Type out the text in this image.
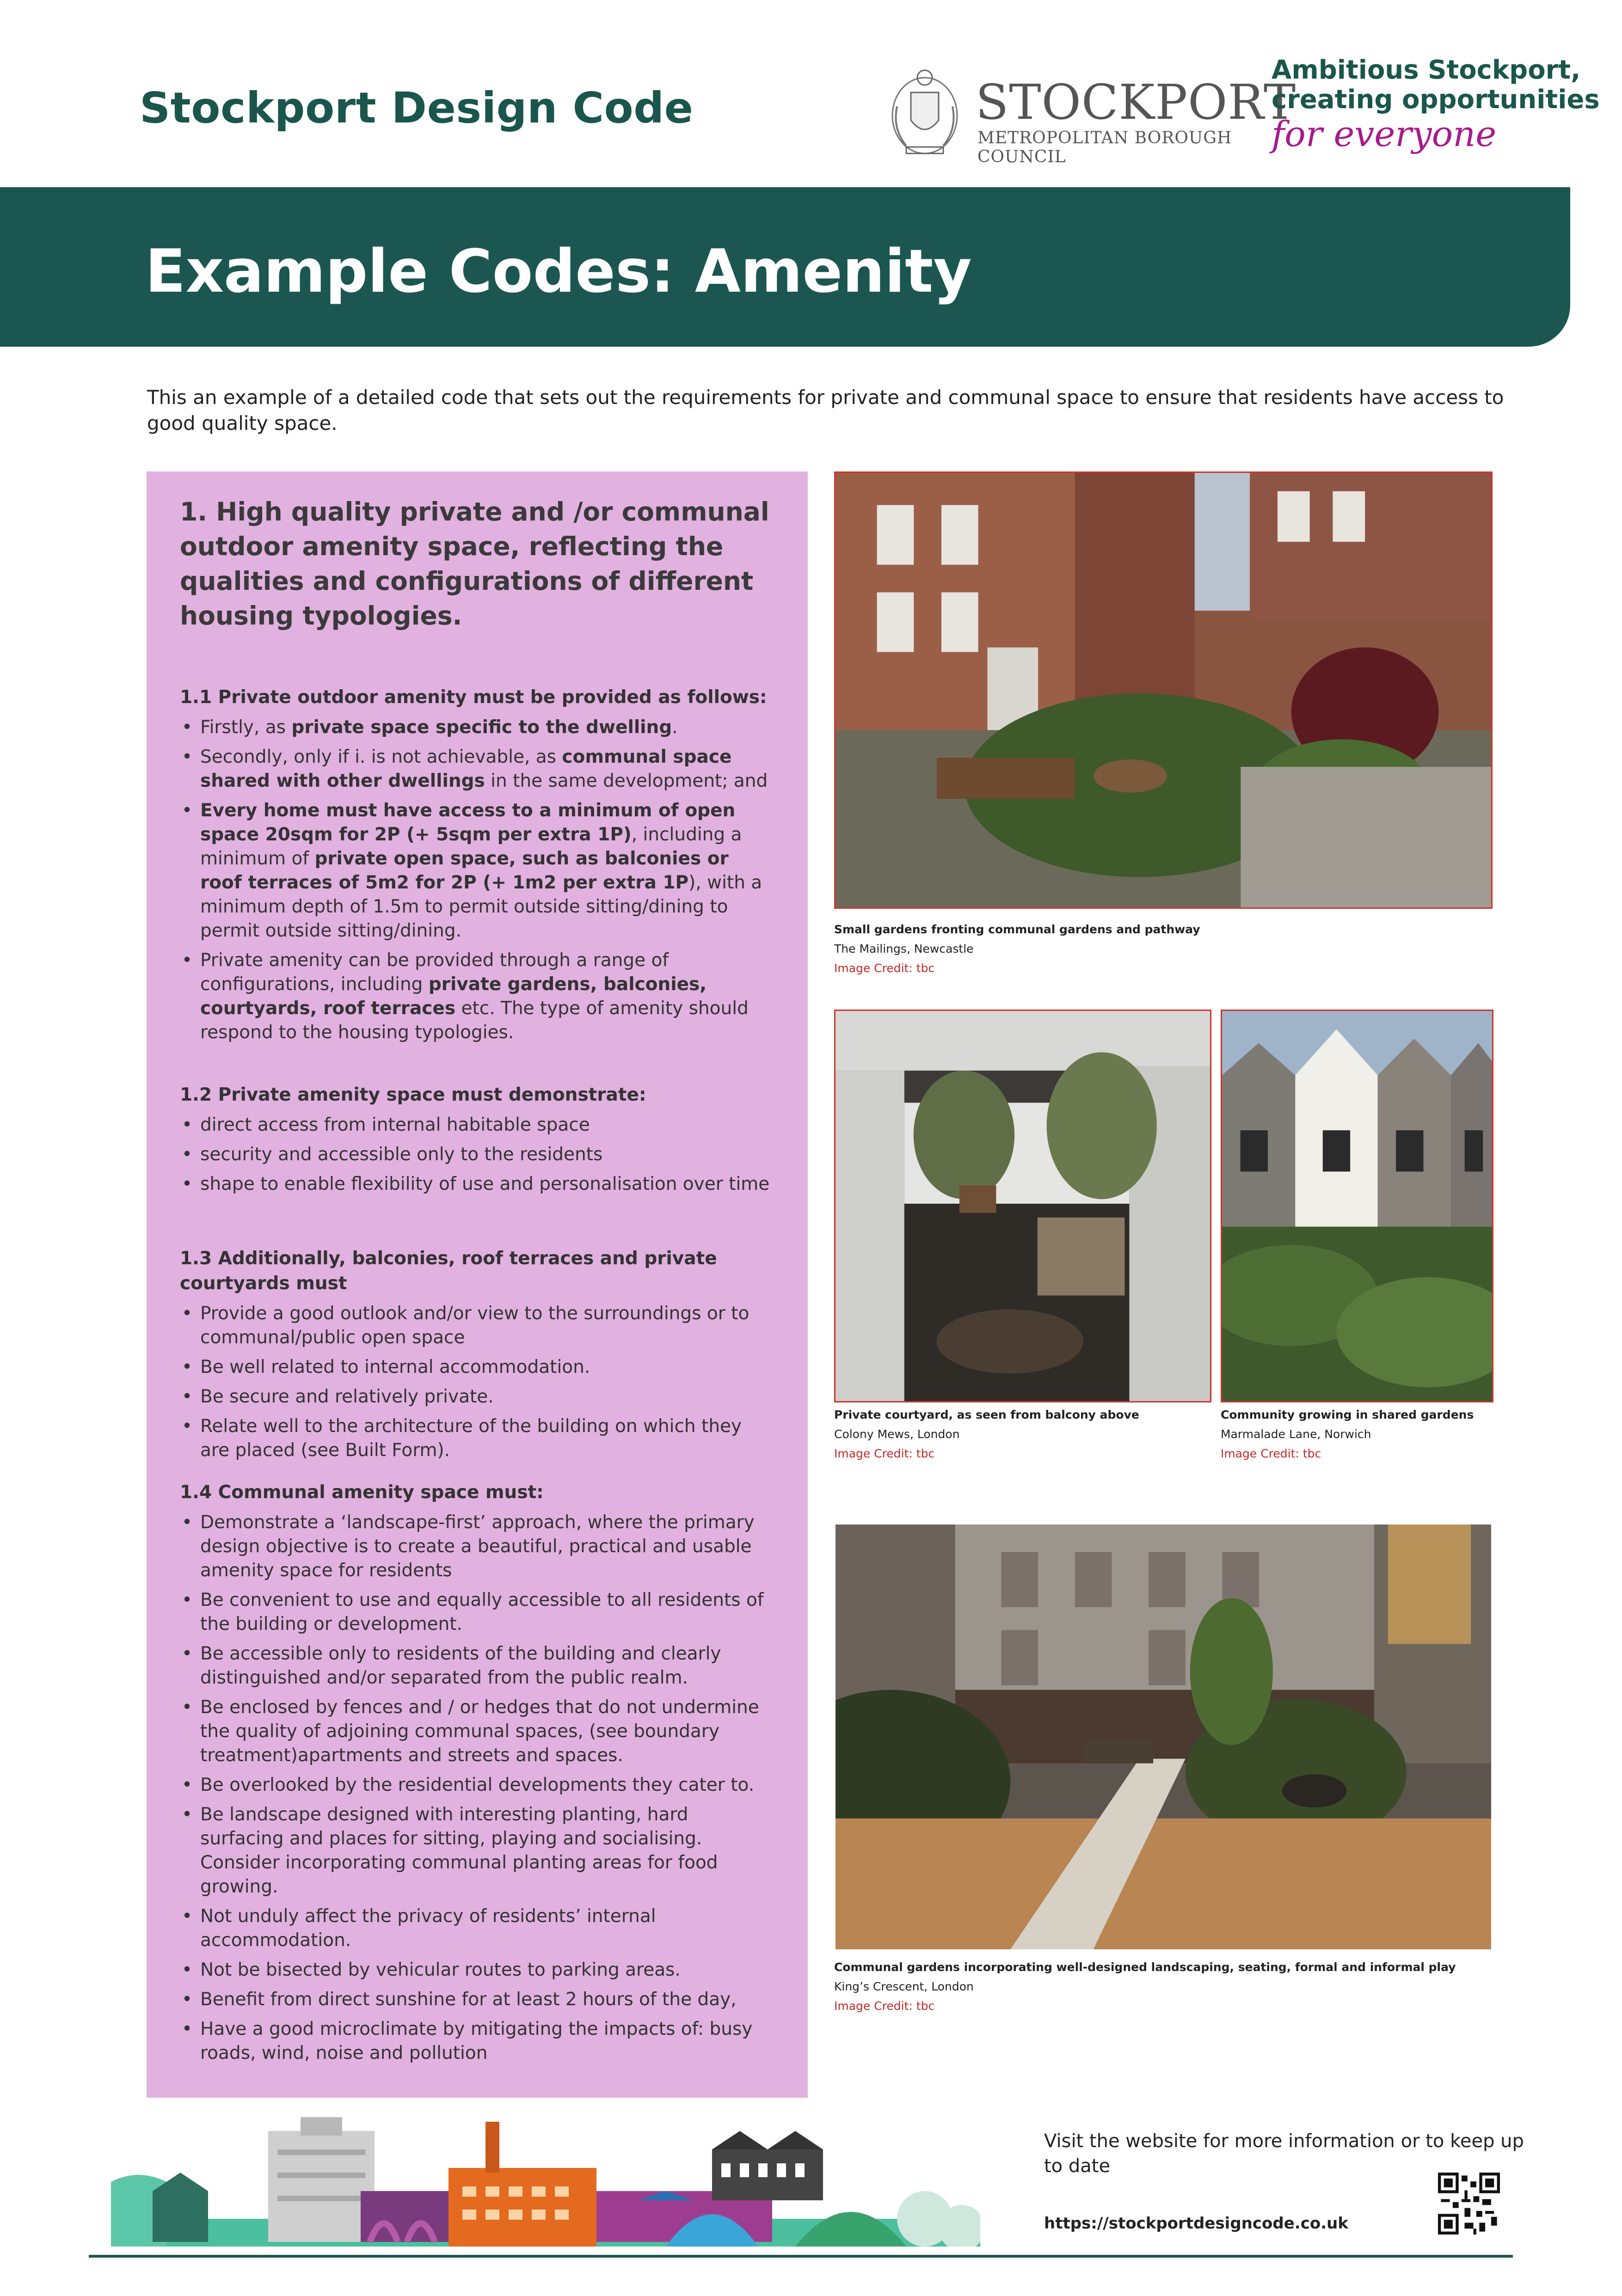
Stockport Design Code	STOCKPORT
METROPOLITAN BOROUGH COUNCIL
Ambitious Stockport,
creating opportunities
for everyone
Example Codes: Amenity
This an example of a detailed code that sets out the requirements for private and communal space to ensure that residents have access to good quality space.
1. High quality private and /or communal outdoor amenity space, reflecting the qualities and configurations of different housing typologies.
1.1 Private outdoor amenity must be provided as follows:
• Firstly, as private space specific to the dwelling.
• Secondly, only if i. is not achievable, as communal space shared with other dwellings in the same development; and
• Every home must have access to a minimum of open space 20sqm for 2P (+ 5sqm per extra 1P), including a minimum of private open space, such as balconies or roof terraces of 5m2 for 2P (+ 1m2 per extra 1P), with a minimum depth of 1.5m to permit outside sitting/dining to permit outside sitting/dining.
• Private amenity can be provided through a range of configurations, including private gardens, balconies, courtyards, roof terraces etc. The type of amenity should respond to the housing typologies.
1.2 Private amenity space must demonstrate:
• direct access from internal habitable space
• security and accessible only to the residents
• shape to enable flexibility of use and personalisation over time
1.3 Additionally, balconies, roof terraces and private courtyards must
• Provide a good outlook and/or view to the surroundings or to communal/public open space
• Be well related to internal accommodation.
• Be secure and relatively private.
• Relate well to the architecture of the building on which they are placed (see Built Form).
1.4 Communal amenity space must:
• Demonstrate a ‘landscape-first’ approach, where the primary design objective is to create a beautiful, practical and usable amenity space for residents
• Be convenient to use and equally accessible to all residents of the building or development.
• Be accessible only to residents of the building and clearly distinguished and/or separated from the public realm.
• Be enclosed by fences and / or hedges that do not undermine the quality of adjoining communal spaces, (see boundary treatment)apartments and streets and spaces.
• Be overlooked by the residential developments they cater to.
• Be landscape designed with interesting planting, hard surfacing and places for sitting, playing and socialising. Consider incorporating communal planting areas for food growing.
• Not unduly affect the privacy of residents’ internal accommodation.
• Not be bisected by vehicular routes to parking areas.
• Benefit from direct sunshine for at least 2 hours of the day,
• Have a good microclimate by mitigating the impacts of: busy roads, wind, noise and pollution
Small gardens fronting communal gardens and pathway
The Mailings, Newcastle
Image Credit: tbc
Private courtyard, as seen from balcony above
Colony Mews, London
Image Credit: tbc
Community growing in shared gardens
Marmalade Lane, Norwich
Image Credit: tbc
Communal gardens incorporating well-designed landscaping, seating, formal and informal play
King’s Crescent, London
Image Credit: tbc
Visit the website for more information or to keep up to date
https://stockportdesigncode.co.uk
